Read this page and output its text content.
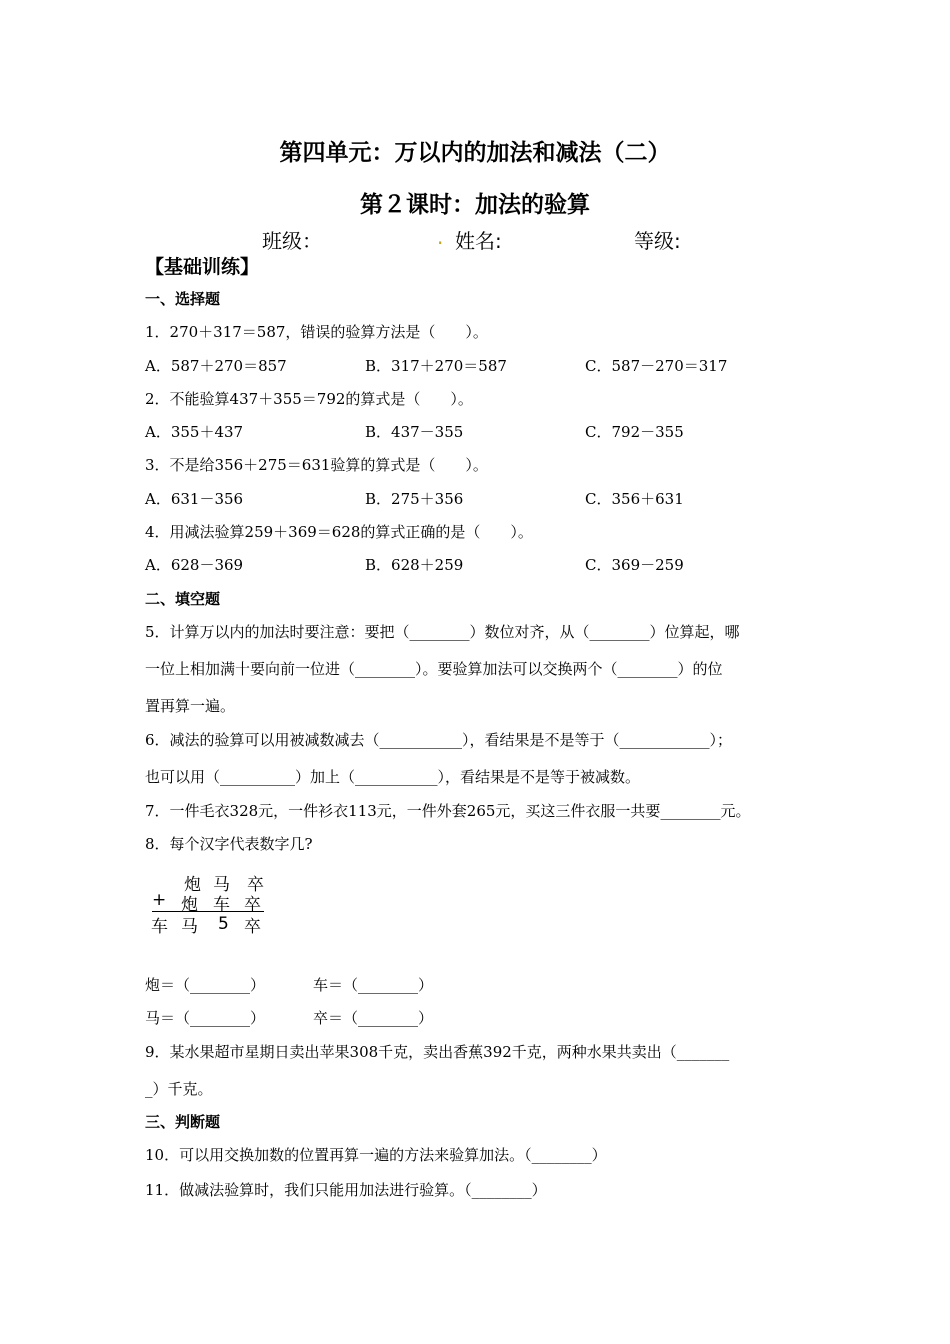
第四单元：万以内的加法和减法（二）
第２课时：加法的验算
班级：	. 姓名:	等级:
【基础训练】
一、选择题
1．270＋317＝587，错误的验算方法是（　　）。
A．587＋270＝857	B．317＋270＝587	C．587－270＝317
2．不能验算437＋355＝792的算式是（　　）。
A．355＋437	B．437－355	C．792－355
3．不是给356＋275＝631验算的算式是（　　）。
A．631－356	B．275＋356	C．356＋631
4．用减法验算259＋369＝628的算式正确的是（　　）。
A．628－369	B．628＋259	C．369－259
二、填空题
5．计算万以内的加法时要注意：要把（________）数位对齐，从（________）位算起，哪
一位上相加满十要向前一位进（________）。要验算加法可以交换两个（________）的位
置再算一遍。
6．减法的验算可以用被减数减去（___________），看结果是不是等于（____________）；
也可以用（__________）加上（___________），看结果是不是等于被减数。
7．一件毛衣328元，一件衫衣113元，一件外套265元，买这三件衣服一共要________元。
8．每个汉字代表数字几?
炮 马 卒
+ 炮 车 卒
车 马 5 卒
炮＝（________）	车＝（________）
马＝（________）	卒＝（________）
9．某水果超市星期日卖出苹果308千克，卖出香蕉392千克，两种水果共卖出（_______
_）千克。
三、判断题
10．可以用交换加数的位置再算一遍的方法来验算加法。（________）
11．做减法验算时，我们只能用加法进行验算。（________）
